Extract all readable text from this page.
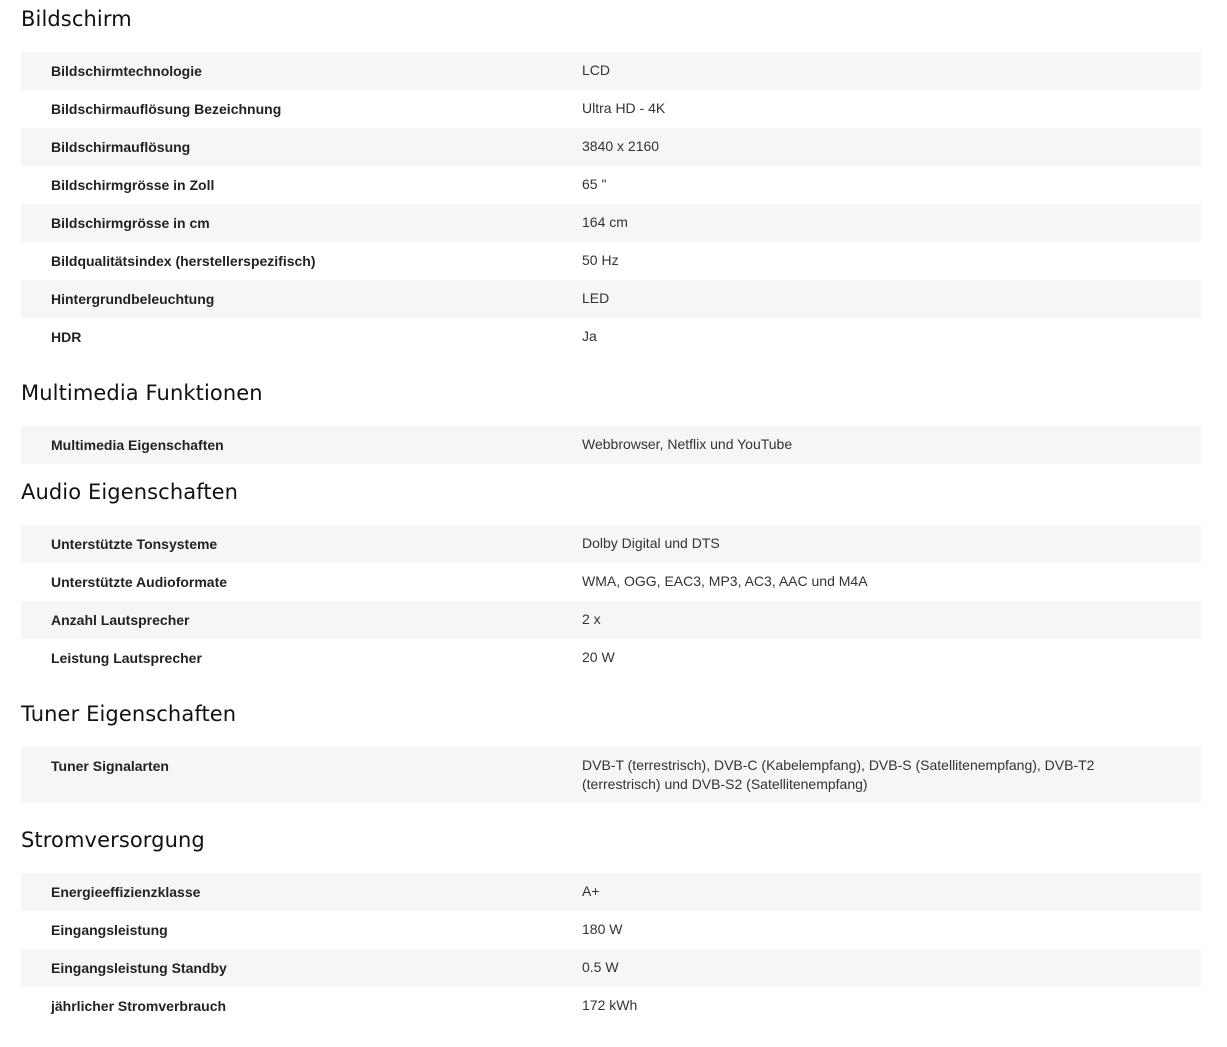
Bildschirm
Bildschirmtechnologie	LCD
Bildschirmauflösung Bezeichnung	Ultra HD - 4K
Bildschirmauflösung	3840 x 2160
Bildschirmgrösse in Zoll	65 "
Bildschirmgrösse in cm	164 cm
Bildqualitätsindex (herstellerspezifisch)	50 Hz
Hintergrundbeleuchtung	LED
HDR	Ja
Multimedia Funktionen
Multimedia Eigenschaften	Webbrowser, Netflix und YouTube
Audio Eigenschaften
Unterstützte Tonsysteme	Dolby Digital und DTS
Unterstützte Audioformate	WMA, OGG, EAC3, MP3, AC3, AAC und M4A
Anzahl Lautsprecher	2 x
Leistung Lautsprecher	20 W
Tuner Eigenschaften
Tuner Signalarten	DVB-T (terrestrisch), DVB-C (Kabelempfang), DVB-S (Satellitenempfang), DVB-T2 (terrestrisch) und DVB-S2 (Satellitenempfang)
Stromversorgung
Energieeffizienzklasse	A+
Eingangsleistung	180 W
Eingangsleistung Standby	0.5 W
jährlicher Stromverbrauch	172 kWh
